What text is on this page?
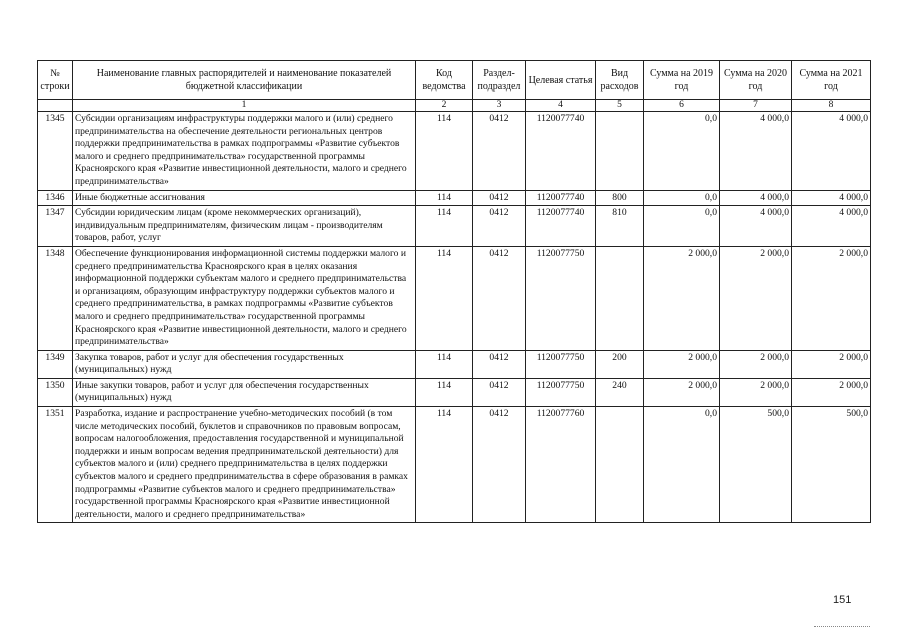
№ строки	Наименование главных распорядителей и наименование показателей бюджетной классификации	Код ведомства	Раздел-подраздел	Целевая статья	Вид расходов	Сумма на 2019 год	Сумма на 2020 год	Сумма на 2021 год
	1	2	3	4	5	6	7	8
1345	Субсидии организациям инфраструктуры поддержки малого и (или) среднего предпринимательства на обеспечение деятельности региональных центров поддержки предпринимательства в рамках подпрограммы «Развитие субъектов малого и среднего предпринимательства» государственной программы Красноярского края «Развитие инвестиционной деятельности, малого и среднего предпринимательства»	114	0412	1120077740		0,0	4 000,0	4 000,0
1346	Иные бюджетные ассигнования	114	0412	1120077740	800	0,0	4 000,0	4 000,0
1347	Субсидии юридическим лицам (кроме некоммерческих организаций), индивидуальным предпринимателям, физическим лицам - производителям товаров, работ, услуг	114	0412	1120077740	810	0,0	4 000,0	4 000,0
1348	Обеспечение функционирования информационной системы поддержки малого и среднего предпринимательства Красноярского края в целях оказания информационной поддержки субъектам малого и среднего предпринимательства и организациям, образующим инфраструктуру поддержки субъектов малого и среднего предпринимательства, в рамках подпрограммы «Развитие субъектов малого и среднего предпринимательства» государственной программы Красноярского края «Развитие инвестиционной деятельности, малого и среднего предпринимательства»	114	0412	1120077750		2 000,0	2 000,0	2 000,0
1349	Закупка товаров, работ и услуг для обеспечения государственных (муниципальных) нужд	114	0412	1120077750	200	2 000,0	2 000,0	2 000,0
1350	Иные закупки товаров, работ и услуг для обеспечения государственных (муниципальных) нужд	114	0412	1120077750	240	2 000,0	2 000,0	2 000,0
1351	Разработка, издание и распространение учебно-методических пособий (в том числе методических пособий, буклетов и справочников по правовым вопросам, вопросам налогообложения, предоставления государственной и муниципальной поддержки и иным вопросам ведения предпринимательской деятельности) для субъектов малого и (или) среднего предпринимательства в целях поддержки субъектов малого и среднего предпринимательства в сфере образования в рамках подпрограммы «Развитие субъектов малого и среднего предпринимательства» государственной программы Красноярского края «Развитие инвестиционной деятельности, малого и среднего предпринимательства»	114	0412	1120077760		0,0	500,0	500,0
151
